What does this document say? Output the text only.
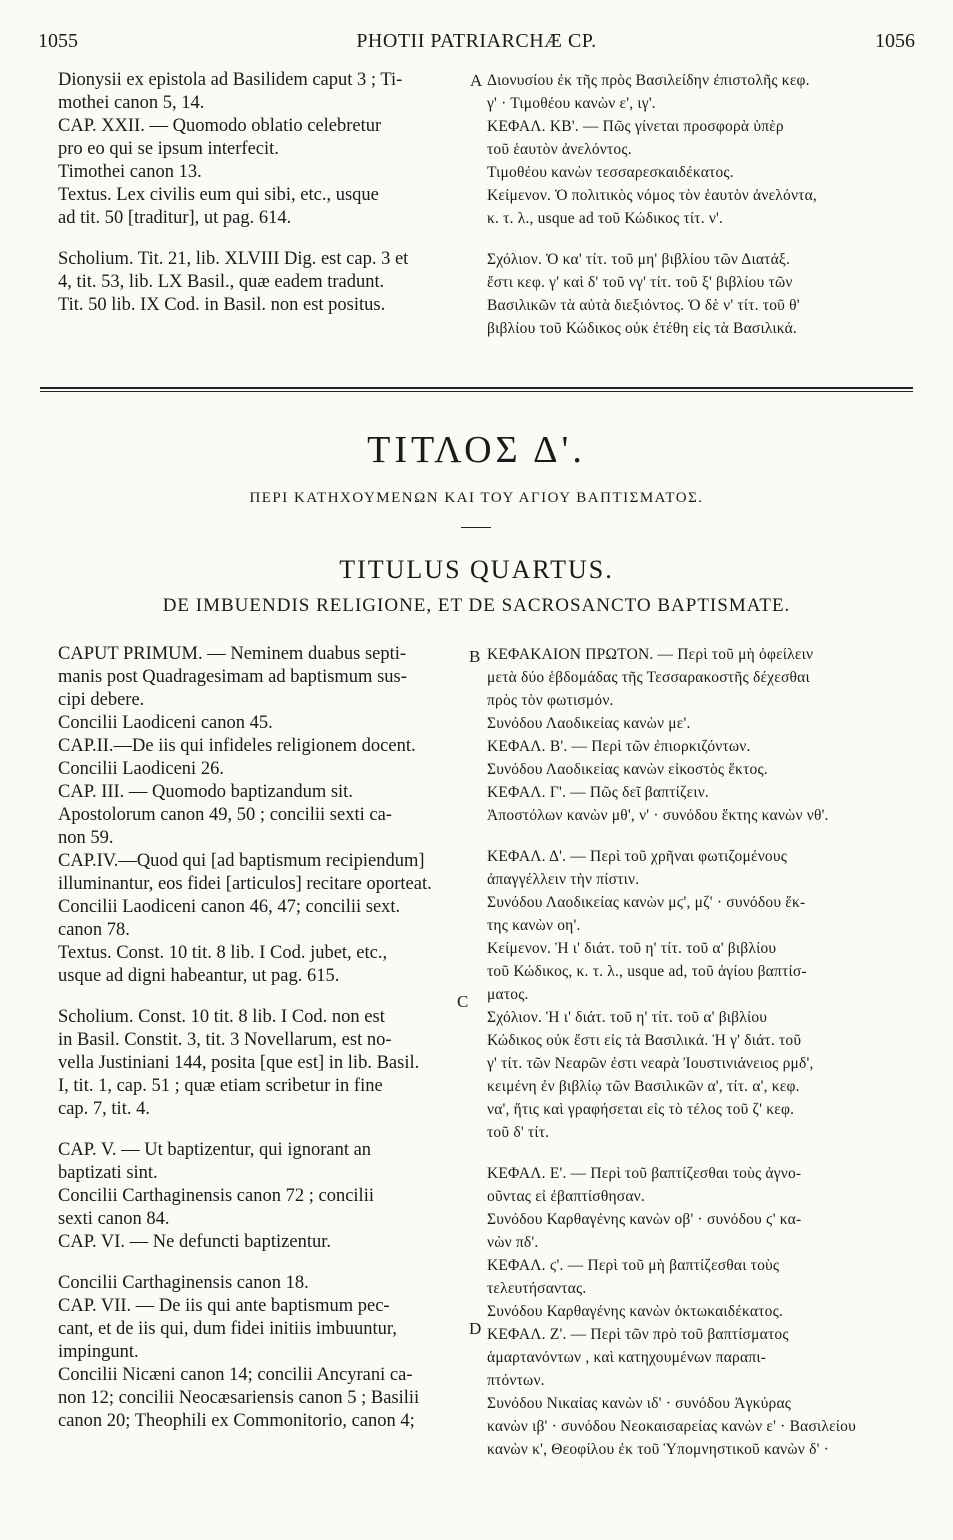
1055	PHOTII PATRIARCHÆ CP.	1056
Dionysii ex epistola ad Basilidem caput 3 ; Ti-
mothei canon 5, 14.
CAP. XXII. — Quomodo oblatio celebretur
pro eo qui se ipsum interfecit.
Timothei canon 13.
Textus. Lex civilis eum qui sibi, etc., usque
ad tit. 50 [traditur], ut pag. 614.
Scholium. Tit. 21, lib. XLVIII Dig. est cap. 3 et
4, tit. 53, lib. LX Basil., quæ eadem tradunt.
Tit. 50 lib. IX Cod. in Basil. non est positus.
Διονυσίου ἐκ τῆς πρὸς Βασιλείδην ἐπιστολῆς κεφ.
γ' · Τιμοθέου κανὼν ε', ιγ'.
ΚΕΦΑΛ. ΚΒ'. — Πῶς γίνεται προσφορὰ ὑπὲρ
τοῦ ἑαυτὸν ἀνελόντος.
Τιμοθέου κανὼν τεσσαρεσκαιδέκατος.
Κείμενον. Ὁ πολιτικὸς νόμος τὸν ἑαυτὸν ἀνελόντα,
κ. τ. λ., usque ad τοῦ Κώδικος τίτ. ν'.
Σχόλιον. Ὁ κα' τίτ. τοῦ μη' βιβλίου τῶν Διατάξ.
ἔστι κεφ. γ' καὶ δ' τοῦ νγ' τίτ. τοῦ ξ' βιβλίου τῶν
Βασιλικῶν τὰ αὐτὰ διεξιόντος. Ὁ δὲ ν' τίτ. τοῦ θ'
βιβλίου τοῦ Κώδικος οὐκ ἐτέθη εἰς τὰ Βασιλικά.
A
ΤΙΤΛΟΣ Δ'.
ΠΕΡΙ ΚΑΤΗΧΟΥΜΕΝΩΝ ΚΑΙ ΤΟΥ ΑΓΙΟΥ ΒΑΠΤΙΣΜΑΤΟΣ.
TITULUS QUARTUS.
DE IMBUENDIS RELIGIONE, ET DE SACROSANCTO BAPTISMATE.
CAPUT PRIMUM. — Neminem duabus septi-
manis post Quadragesimam ad baptismum sus-
cipi debere.
Concilii Laodiceni canon 45.
CAP.II.—De iis qui infideles religionem docent.
Concilii Laodiceni 26.
CAP. III. — Quomodo baptizandum sit.
Apostolorum canon 49, 50 ; concilii sexti ca-
non 59.
CAP.IV.—Quod qui [ad baptismum recipiendum]
illuminantur, eos fidei [articulos] recitare oporteat.
Concilii Laodiceni canon 46, 47; concilii sext.
canon 78.
Textus. Const. 10 tit. 8 lib. I Cod. jubet, etc.,
usque ad digni habeantur, ut pag. 615.
Scholium. Const. 10 tit. 8 lib. I Cod. non est
in Basil. Constit. 3, tit. 3 Novellarum, est no-
vella Justiniani 144, posita [que est] in lib. Basil.
I, tit. 1, cap. 51 ; quæ etiam scribetur in fine
cap. 7, tit. 4.
CAP. V. — Ut baptizentur, qui ignorant an
baptizati sint.
Concilii Carthaginensis canon 72 ; concilii
sexti canon 84.
CAP. VI. — Ne defuncti baptizentur.
Concilii Carthaginensis canon 18.
CAP. VII. — De iis qui ante baptismum pec-
cant, et de iis qui, dum fidei initiis imbuuntur,
impingunt.
Concilii Nicæni canon 14; concilii Ancyrani ca-
non 12; concilii Neocæsariensis canon 5 ; Basilii
canon 20; Theophili ex Commonitorio, canon 4;
ΚΕΦΑΚΑΙΟΝ ΠΡΩΤΟΝ. — Περὶ τοῦ μὴ ὀφείλειν
μετὰ δύο ἑβδομάδας τῆς Τεσσαρακοστῆς δέχεσθαι
πρὸς τὸν φωτισμόν.
Συνόδου Λαοδικείας κανὼν με'.
ΚΕΦΑΛ. Β'. — Περὶ τῶν ἐπιορκιζόντων.
Συνόδου Λαοδικείας κανὼν εἰκοστὸς ἕκτος.
ΚΕΦΑΛ. Γ'. — Πῶς δεῖ βαπτίζειν.
Ἀποστόλων κανὼν μθ', ν' · συνόδου ἕκτης κανὼν νθ'.
ΚΕΦΑΛ. Δ'. — Περὶ τοῦ χρῆναι φωτιζομένους
ἀπαγγέλλειν τὴν πίστιν.
Συνόδου Λαοδικείας κανὼν μϛ', μζ' · συνόδου ἕκ-
της κανὼν οη'.
Κείμενον. Ἡ ι' διάτ. τοῦ η' τίτ. τοῦ α' βιβλίου
τοῦ Κώδικος, κ. τ. λ., usque ad, τοῦ ἁγίου βαπτίσ-
ματος.
Σχόλιον. Ἡ ι' διάτ. τοῦ η' τίτ. τοῦ α' βιβλίου
Κώδικος οὐκ ἔστι εἰς τὰ Βασιλικά. Ἡ γ' διάτ. τοῦ
γ' τίτ. τῶν Νεαρῶν ἐστι νεαρὰ Ἰουστινιάνειος ρμδ',
κειμένη ἐν βιβλίῳ τῶν Βασιλικῶν α', τίτ. α', κεφ.
να', ἥτις καὶ γραφήσεται εἰς τὸ τέλος τοῦ ζ' κεφ.
τοῦ δ' τίτ.
ΚΕΦΑΛ. Ε'. — Περὶ τοῦ βαπτίζεσθαι τοὺς ἀγνο-
οῦντας εἰ ἐβαπτίσθησαν.
Συνόδου Καρθαγένης κανὼν οβ' · συνόδου ϛ' κα-
νὼν πδ'.
ΚΕΦΑΛ. ϛ'. — Περὶ τοῦ μὴ βαπτίζεσθαι τοὺς
τελευτήσαντας.
Συνόδου Καρθαγένης κανὼν ὀκτωκαιδέκατος.
ΚΕΦΑΛ. Ζ'. — Περὶ τῶν πρὸ τοῦ βαπτίσματος
ἁμαρτανόντων , καὶ κατηχουμένων παραπι-
πτόντων.
Συνόδου Νικαίας κανὼν ιδ' · συνόδου Ἀγκύρας
κανὼν ιβ' · συνόδου Νεοκαισαρείας κανὼν ε' · Βασιλείου
κανὼν κ', Θεοφίλου ἐκ τοῦ Ὑπομνηστικοῦ κανὼν δ' ·
B
C
D
